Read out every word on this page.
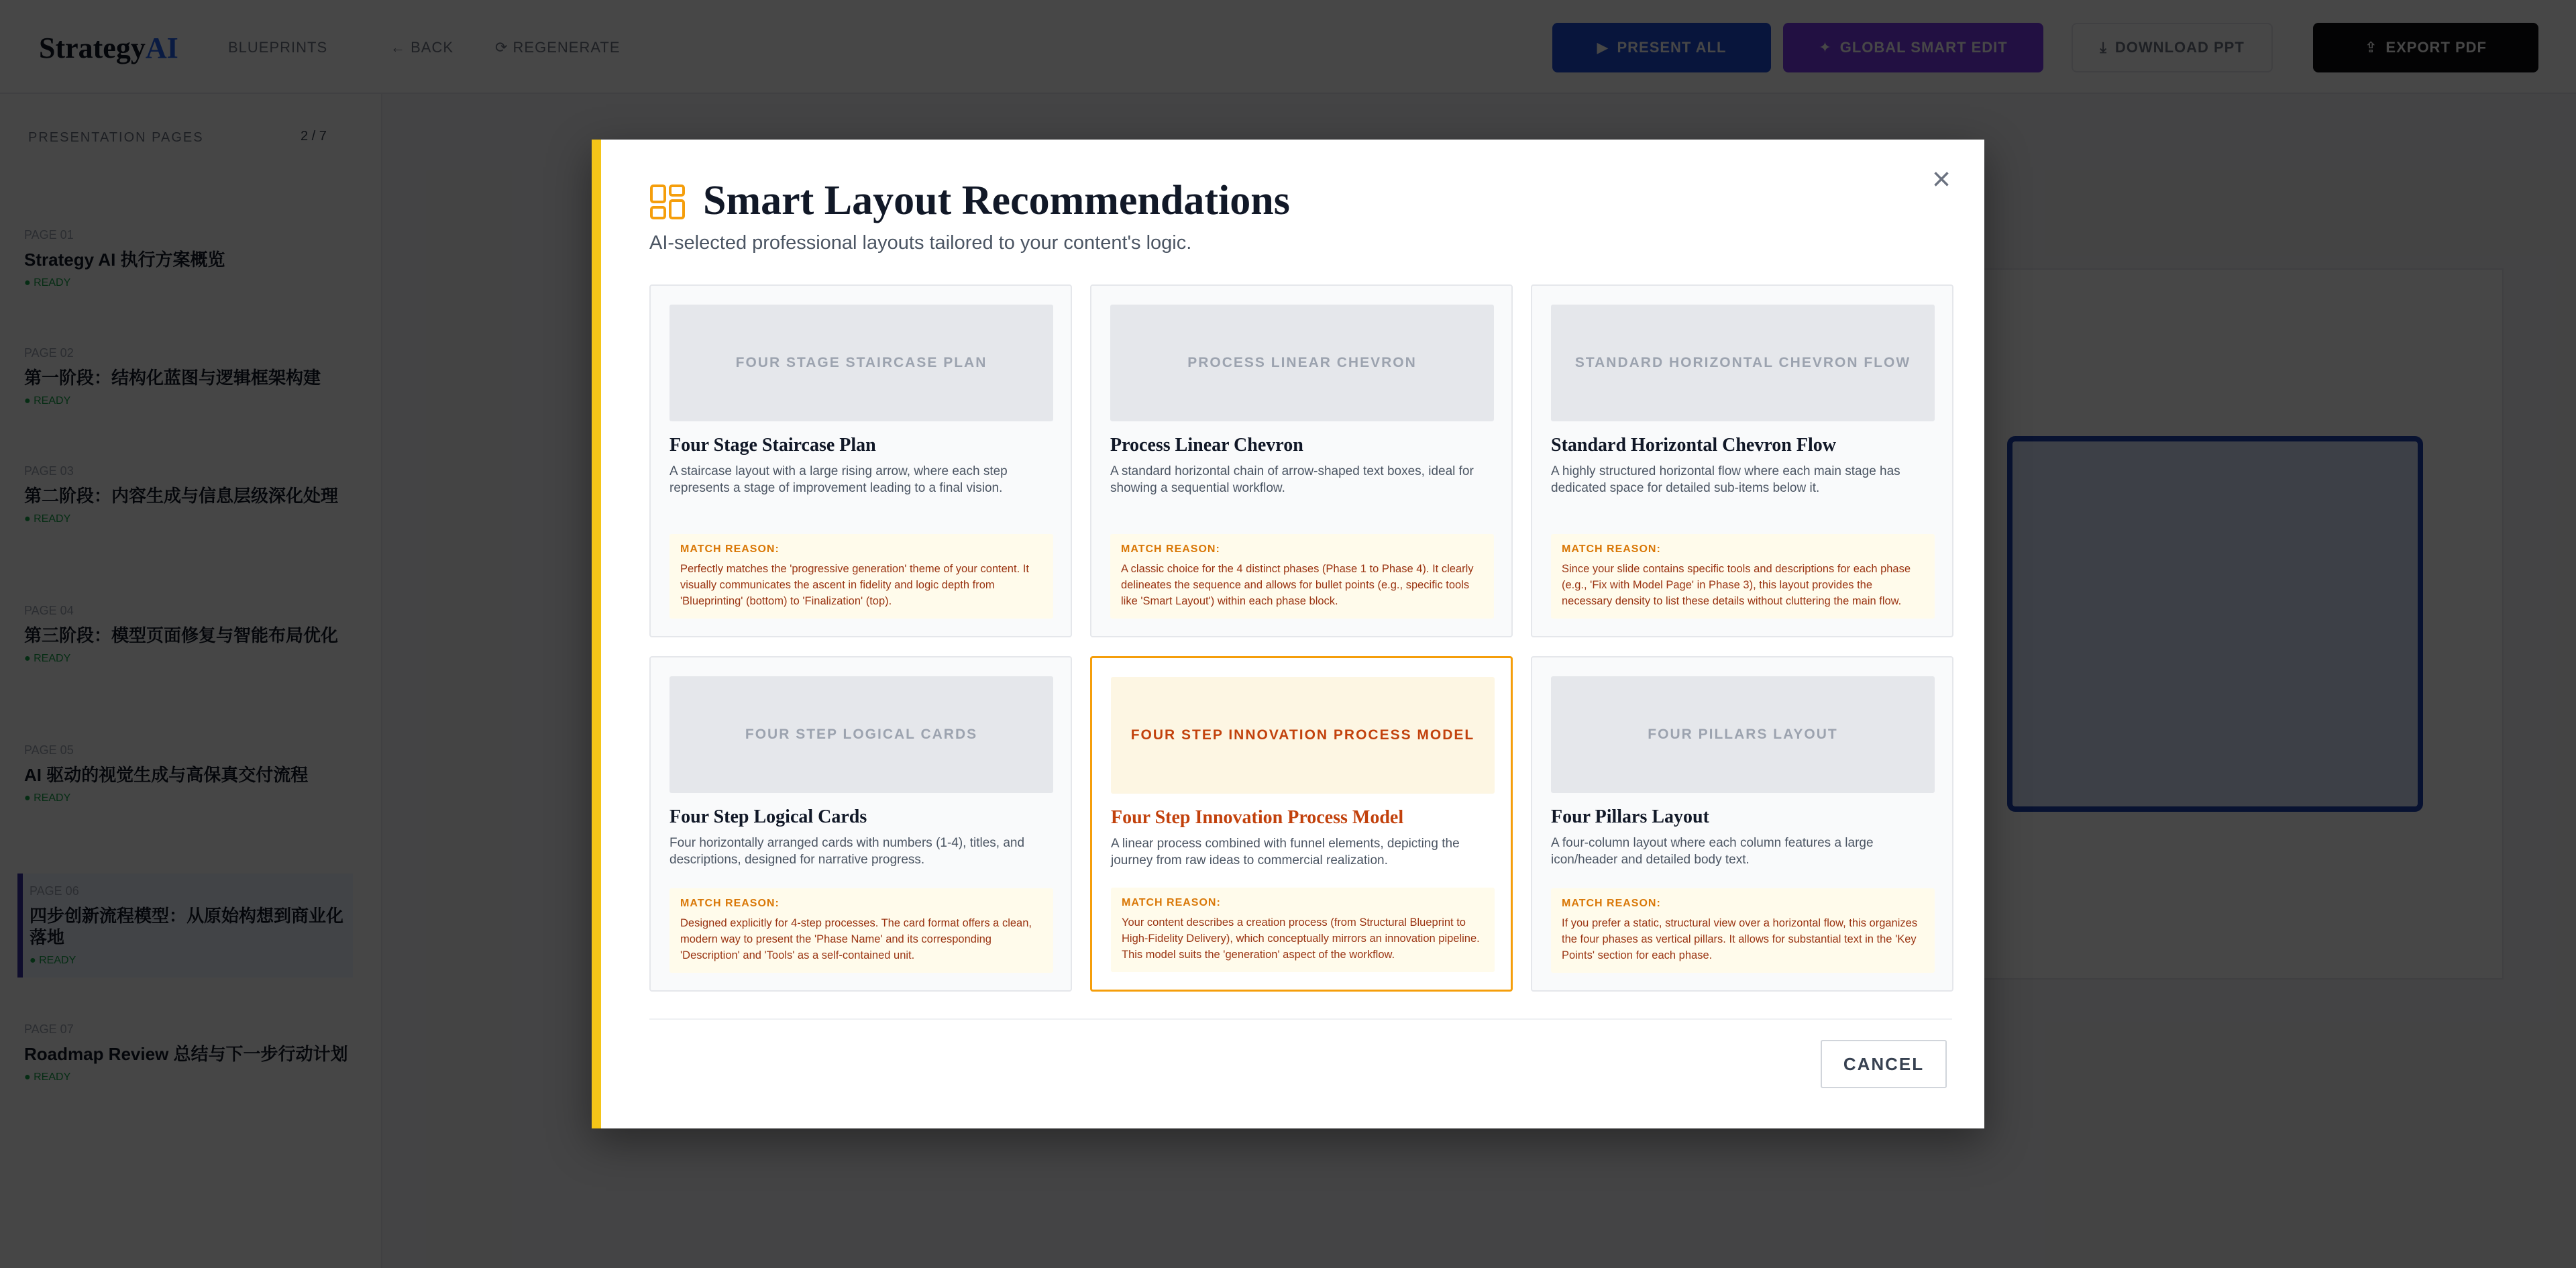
×
Smart Layout Recommendations
AI-selected professional layouts tailored to your content's logic.
FOUR STAGE STAIRCASE PLAN
Four Stage Staircase Plan
A staircase layout with a large rising arrow, where each step represents a stage of improvement leading to a final vision.
MATCH REASON:
Perfectly matches the 'progressive generation' theme of your content. It visually communicates the ascent in fidelity and logic depth from 'Blueprinting' (bottom) to 'Finalization' (top).
PROCESS LINEAR CHEVRON
Process Linear Chevron
A standard horizontal chain of arrow-shaped text boxes, ideal for showing a sequential workflow.
MATCH REASON:
A classic choice for the 4 distinct phases (Phase 1 to Phase 4). It clearly delineates the sequence and allows for bullet points (e.g., specific tools like 'Smart Layout') within each phase block.
STANDARD HORIZONTAL CHEVRON FLOW
Standard Horizontal Chevron Flow
A highly structured horizontal flow where each main stage has dedicated space for detailed sub-items below it.
MATCH REASON:
Since your slide contains specific tools and descriptions for each phase (e.g., 'Fix with Model Page' in Phase 3), this layout provides the necessary density to list these details without cluttering the main flow.
FOUR STEP LOGICAL CARDS
Four Step Logical Cards
Four horizontally arranged cards with numbers (1-4), titles, and descriptions, designed for narrative progress.
MATCH REASON:
Designed explicitly for 4-step processes. The card format offers a clean, modern way to present the 'Phase Name' and its corresponding 'Description' and 'Tools' as a self-contained unit.
FOUR STEP INNOVATION PROCESS MODEL
Four Step Innovation Process Model
A linear process combined with funnel elements, depicting the journey from raw ideas to commercial realization.
MATCH REASON:
Your content describes a creation process (from Structural Blueprint to High-Fidelity Delivery), which conceptually mirrors an innovation pipeline. This model suits the 'generation' aspect of the workflow.
FOUR PILLARS LAYOUT
Four Pillars Layout
A four-column layout where each column features a large icon/header and detailed body text.
MATCH REASON:
If you prefer a static, structural view over a horizontal flow, this organizes the four phases as vertical pillars. It allows for substantial text in the 'Key Points' section for each phase.
CANCEL
